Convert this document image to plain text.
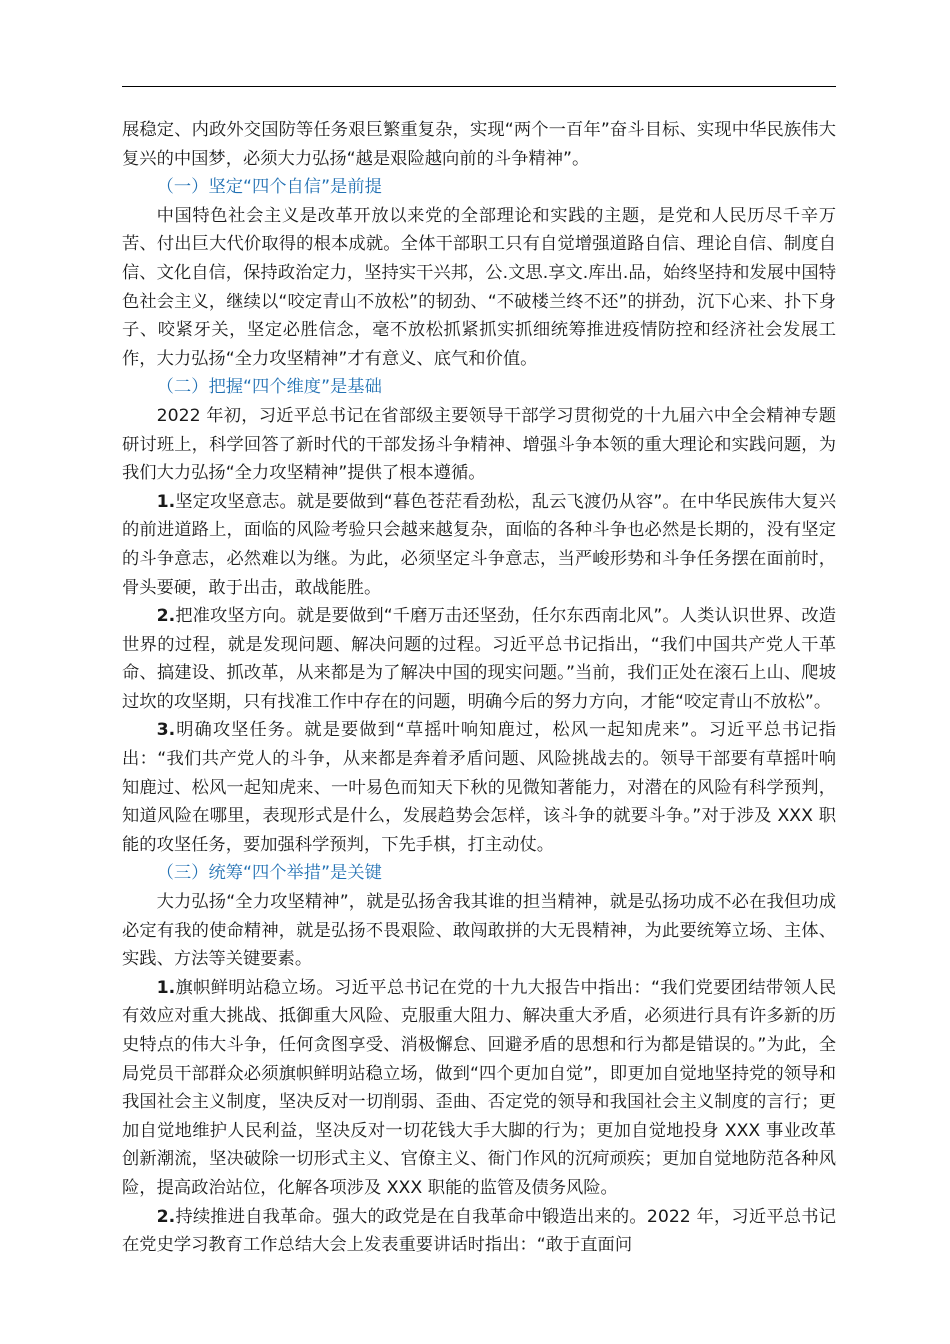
展稳定、内政外交国防等任务艰巨繁重复杂，实现“两个一百年”奋斗目标、实现中华民族伟大复兴的中国梦，必须大力弘扬“越是艰险越向前的斗争精神”。

（一）坚定“四个自信”是前提

中国特色社会主义是改革开放以来党的全部理论和实践的主题，是党和人民历尽千辛万苦、付出巨大代价取得的根本成就。全体干部职工只有自觉增强道路自信、理论自信、制度自信、文化自信，保持政治定力，坚持实干兴邦，公.文思.享文.库出.品，始终坚持和发展中国特色社会主义，继续以“咬定青山不放松”的韧劲、“不破楼兰终不还”的拼劲，沉下心来、扑下身子、咬紧牙关，坚定必胜信念，毫不放松抓紧抓实抓细统筹推进疫情防控和经济社会发展工作，大力弘扬“全力攻坚精神”才有意义、底气和价值。

（二）把握“四个维度”是基础

2022 年初，习近平总书记在省部级主要领导干部学习贯彻党的十九届六中全会精神专题研讨班上，科学回答了新时代的干部发扬斗争精神、增强斗争本领的重大理论和实践问题，为我们大力弘扬“全力攻坚精神”提供了根本遵循。

1.坚定攻坚意志。就是要做到“暮色苍茫看劲松，乱云飞渡仍从容”。在中华民族伟大复兴的前进道路上，面临的风险考验只会越来越复杂，面临的各种斗争也必然是长期的，没有坚定的斗争意志，必然难以为继。为此，必须坚定斗争意志，当严峻形势和斗争任务摆在面前时，骨头要硬，敢于出击，敢战能胜。

2.把准攻坚方向。就是要做到“千磨万击还坚劲，任尔东西南北风”。人类认识世界、改造世界的过程，就是发现问题、解决问题的过程。习近平总书记指出，“我们中国共产党人干革命、搞建设、抓改革，从来都是为了解决中国的现实问题。”当前，我们正处在滚石上山、爬坡过坎的攻坚期，只有找准工作中存在的问题，明确今后的努力方向，才能“咬定青山不放松”。

3.明确攻坚任务。就是要做到“草摇叶响知鹿过，松风一起知虎来”。习近平总书记指出：“我们共产党人的斗争，从来都是奔着矛盾问题、风险挑战去的。领导干部要有草摇叶响知鹿过、松风一起知虎来、一叶易色而知天下秋的见微知著能力，对潜在的风险有科学预判，知道风险在哪里，表现形式是什么，发展趋势会怎样，该斗争的就要斗争。”对于涉及 XXX 职能的攻坚任务，要加强科学预判，下先手棋，打主动仗。

（三）统筹“四个举措”是关键

大力弘扬“全力攻坚精神”，就是弘扬舍我其谁的担当精神，就是弘扬功成不必在我但功成必定有我的使命精神，就是弘扬不畏艰险、敢闯敢拼的大无畏精神，为此要统筹立场、主体、实践、方法等关键要素。

1.旗帜鲜明站稳立场。习近平总书记在党的十九大报告中指出：“我们党要团结带领人民有效应对重大挑战、抵御重大风险、克服重大阻力、解决重大矛盾，必须进行具有许多新的历史特点的伟大斗争，任何贪图享受、消极懈怠、回避矛盾的思想和行为都是错误的。”为此，全局党员干部群众必须旗帜鲜明站稳立场，做到“四个更加自觉”，即更加自觉地坚持党的领导和我国社会主义制度，坚决反对一切削弱、歪曲、否定党的领导和我国社会主义制度的言行；更加自觉地维护人民利益，坚决反对一切花钱大手大脚的行为；更加自觉地投身 XXX 事业改革创新潮流，坚决破除一切形式主义、官僚主义、衙门作风的沉疴顽疾；更加自觉地防范各种风险，提高政治站位，化解各项涉及 XXX 职能的监管及债务风险。

2.持续推进自我革命。强大的政党是在自我革命中锻造出来的。2022 年，习近平总书记在党史学习教育工作总结大会上发表重要讲话时指出：“敢于直面问
